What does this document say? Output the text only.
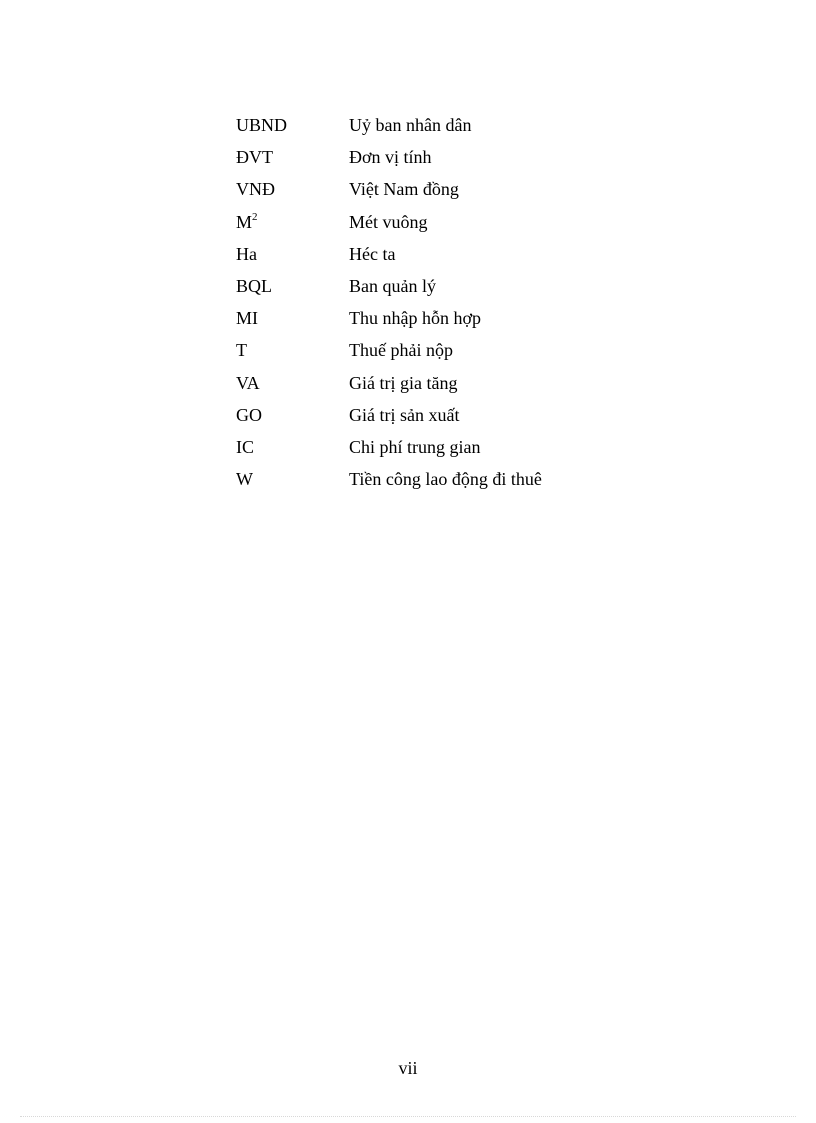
UBND	Uỷ ban nhân dân
ĐVT	Đơn vị tính
VNĐ	Việt Nam đồng
$M^2$	Mét vuông
Ha	Héc ta
BQL	Ban quản lý
MI	Thu nhập hỗn hợp
T	Thuế phải nộp
VA	Giá trị gia tăng
GO	Giá trị sản xuất
IC	Chi phí trung gian
W	Tiền công lao động đi thuê
vii
